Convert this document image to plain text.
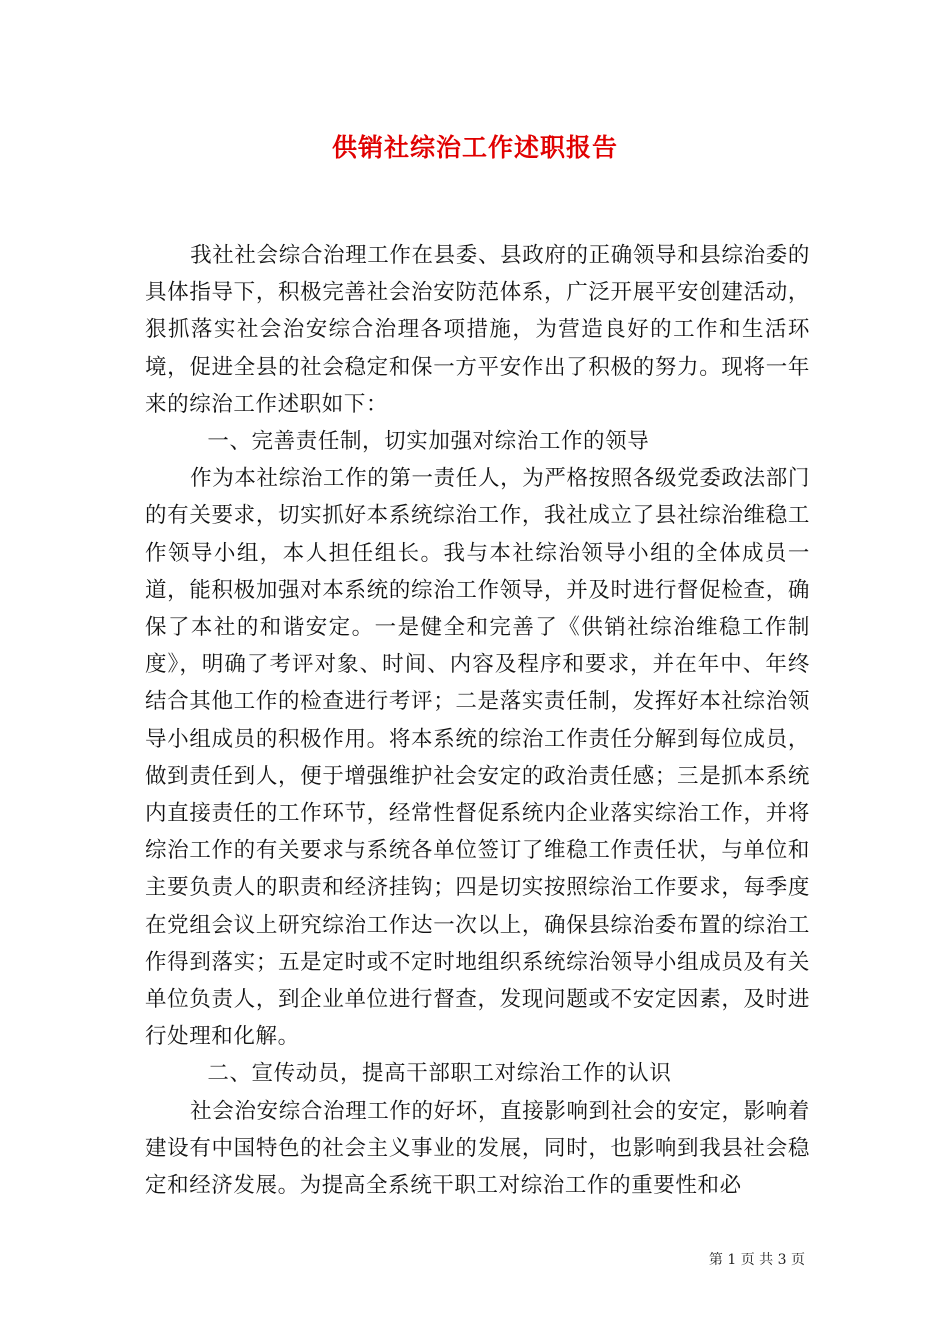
供销社综治工作述职报告

我社社会综合治理工作在县委、县政府的正确领导和县综治委的具体指导下，积极完善社会治安防范体系，广泛开展平安创建活动，狠抓落实社会治安综合治理各项措施，为营造良好的工作和生活环境，促进全县的社会稳定和保一方平安作出了积极的努力。现将一年来的综治工作述职如下：

一、完善责任制，切实加强对综治工作的领导

作为本社综治工作的第一责任人，为严格按照各级党委政法部门的有关要求，切实抓好本系统综治工作，我社成立了县社综治维稳工作领导小组，本人担任组长。我与本社综治领导小组的全体成员一道，能积极加强对本系统的综治工作领导，并及时进行督促检查，确保了本社的和谐安定。一是健全和完善了《供销社综治维稳工作制度》，明确了考评对象、时间、内容及程序和要求，并在年中、年终结合其他工作的检查进行考评；二是落实责任制，发挥好本社综治领导小组成员的积极作用。将本系统的综治工作责任分解到每位成员，做到责任到人，便于增强维护社会安定的政治责任感；三是抓本系统内直接责任的工作环节，经常性督促系统内企业落实综治工作，并将综治工作的有关要求与系统各单位签订了维稳工作责任状，与单位和主要负责人的职责和经济挂钩；四是切实按照综治工作要求，每季度在党组会议上研究综治工作达一次以上，确保县综治委布置的综治工作得到落实；五是定时或不定时地组织系统综治领导小组成员及有关单位负责人，到企业单位进行督查，发现问题或不安定因素，及时进行处理和化解。

二、宣传动员，提高干部职工对综治工作的认识

社会治安综合治理工作的好坏，直接影响到社会的安定，影响着建设有中国特色的社会主义事业的发展，同时，也影响到我县社会稳定和经济发展。为提高全系统干职工对综治工作的重要性和必

第 1 页 共 3 页
